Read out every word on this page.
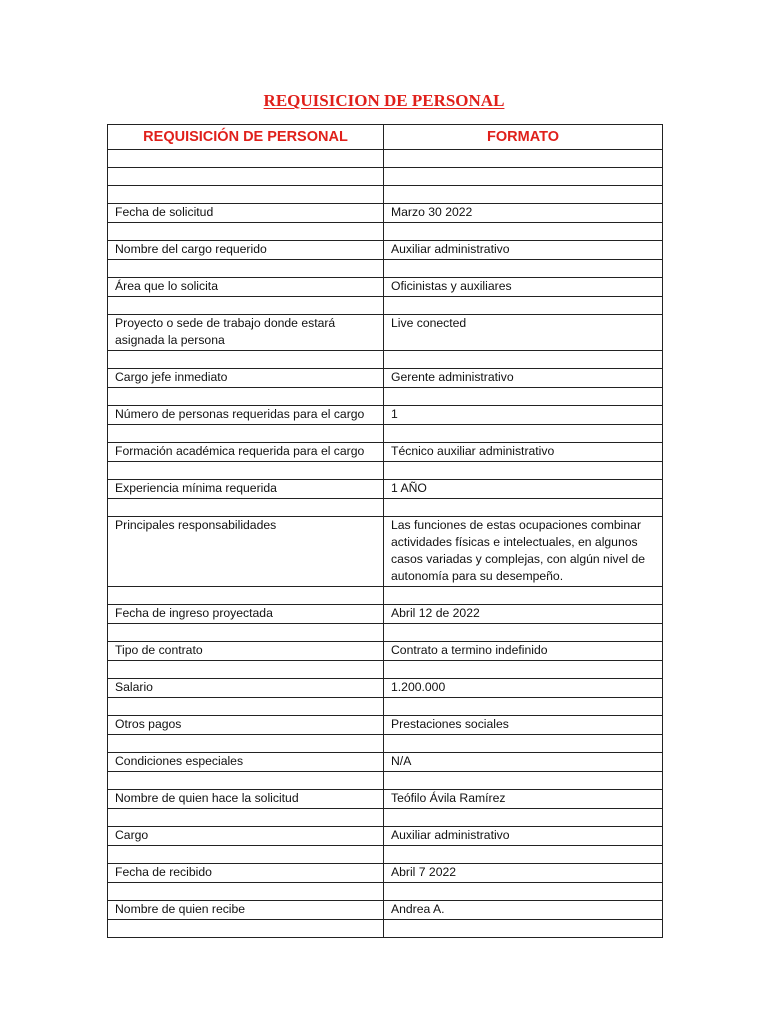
REQUISICION DE PERSONAL
REQUISICIÓN DE PERSONAL	FORMATO

Fecha de solicitud	Marzo 30 2022

Nombre del cargo requerido	Auxiliar administrativo

Área que lo solicita	Oficinistas y auxiliares

Proyecto o sede de trabajo donde estará asignada la persona	Live conected

Cargo jefe inmediato	Gerente administrativo

Número de personas requeridas para el cargo	1

Formación académica requerida para el cargo	Técnico auxiliar administrativo

Experiencia mínima requerida	1 AÑO

Principales responsabilidades	Las funciones de estas ocupaciones combinar actividades físicas e intelectuales, en algunos casos variadas y complejas, con algún nivel de autonomía para su desempeño.

Fecha de ingreso proyectada	Abril 12 de 2022

Tipo de contrato	Contrato a termino indefinido

Salario	1.200.000

Otros pagos	Prestaciones sociales

Condiciones especiales	N/A

Nombre de quien hace la solicitud	Teófilo Ávila Ramírez

Cargo	Auxiliar administrativo

Fecha de recibido	Abril 7 2022

Nombre de quien recibe	Andrea A.
